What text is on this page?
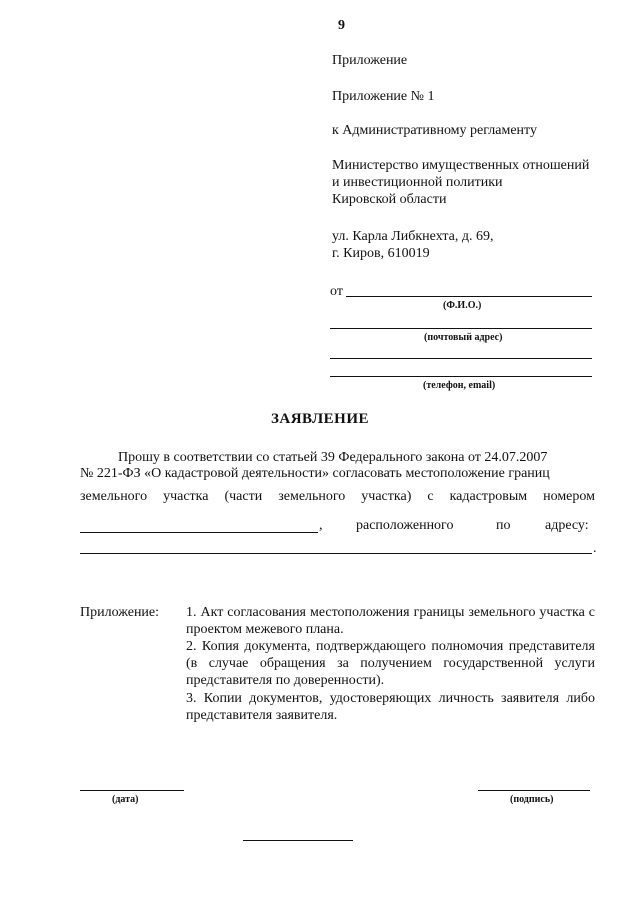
9
Приложение
Приложение № 1
к Административному регламенту
Министерство имущественных отношений
и инвестиционной политики
Кировской области
ул. Карла Либкнехта, д. 69,
г. Киров, 610019
от
(Ф.И.О.)
(почтовый адрес)
(телефон, email)
ЗАЯВЛЕНИЕ
Прошу в соответствии со статьей 39 Федерального закона от 24.07.2007
№ 221-ФЗ «О кадастровой деятельности» согласовать местоположение границ
земельного участка (части земельного участка) с кадастровым номером
, расположенного	по адресу:
.
Приложение: 1. Акт согласования местоположения границы земельного участка с проектом межевого плана.
2. Копия документа, подтверждающего полномочия представителя (в случае обращения за получением государственной услуги представителя по доверенности).
3. Копии документов, удостоверяющих личность заявителя либо представителя заявителя.
(дата)	(подпись)
